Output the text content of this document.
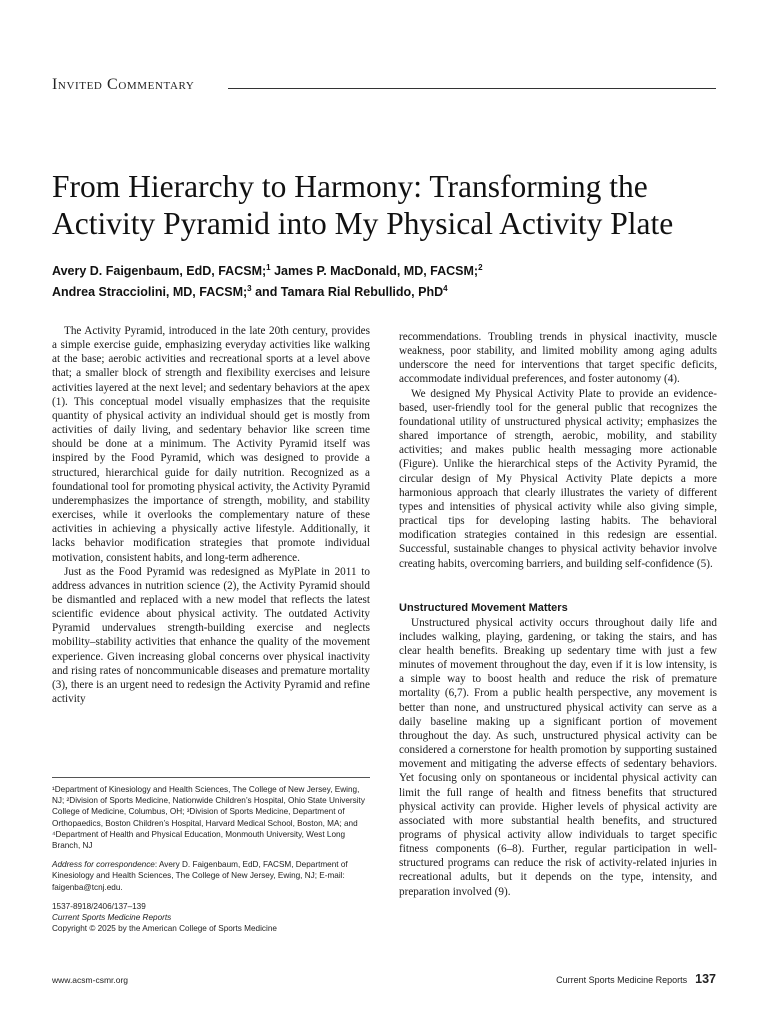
Invited Commentary
From Hierarchy to Harmony: Transforming the Activity Pyramid into My Physical Activity Plate
Avery D. Faigenbaum, EdD, FACSM;$^1$ James P. MacDonald, MD, FACSM;$^2$
Andrea Stracciolini, MD, FACSM;$^3$ and Tamara Rial Rebullido, PhD$^4$

The Activity Pyramid, introduced in the late 20th century, provides a simple exercise guide, emphasizing everyday activities like walking at the base; aerobic activities and recreational sports at a level above that; a smaller block of strength and flexibility exercises and leisure activities layered at the next level; and sedentary behaviors at the apex (1). This conceptual model visually emphasizes that the requisite quantity of physical activity an individual should get is mostly from activities of daily living, and sedentary behavior like screen time should be done at a minimum. The Activity Pyramid itself was inspired by the Food Pyramid, which was designed to provide a structured, hierarchical guide for daily nutrition. Recognized as a foundational tool for promoting physical activity, the Activity Pyramid underemphasizes the importance of strength, mobility, and stability exercises, while it overlooks the complementary nature of these activities in achieving a physically active lifestyle. Additionally, it lacks behavior modification strategies that promote individual motivation, consistent habits, and long-term adherence.

Just as the Food Pyramid was redesigned as MyPlate in 2011 to address advances in nutrition science (2), the Activity Pyramid should be dismantled and replaced with a new model that reflects the latest scientific evidence about physical activity. The outdated Activity Pyramid undervalues strength-building exercise and neglects mobility–stability activities that enhance the quality of the movement experience. Given increasing global concerns over physical inactivity and rising rates of noncommunicable diseases and premature mortality (3), there is an urgent need to redesign the Activity Pyramid and refine activity

¹Department of Kinesiology and Health Sciences, The College of New Jersey, Ewing, NJ; ²Division of Sports Medicine, Nationwide Children’s Hospital, Ohio State University College of Medicine, Columbus, OH; ³Division of Sports Medicine, Department of Orthopaedics, Boston Children’s Hospital, Harvard Medical School, Boston, MA; and ⁴Department of Health and Physical Education, Monmouth University, West Long Branch, NJ

Address for correspondence: Avery D. Faigenbaum, EdD, FACSM, Department of Kinesiology and Health Sciences, The College of New Jersey, Ewing, NJ; E-mail: faigenba@tcnj.edu.

1537-8918/2406/137–139

Current Sports Medicine Reports

Copyright © 2025 by the American College of Sports Medicine

recommendations. Troubling trends in physical inactivity, muscle weakness, poor stability, and limited mobility among aging adults underscore the need for interventions that target specific deficits, accommodate individual preferences, and foster autonomy (4).

We designed My Physical Activity Plate to provide an evidence-based, user-friendly tool for the general public that recognizes the foundational utility of unstructured physical activity; emphasizes the shared importance of strength, aerobic, mobility, and stability activities; and makes public health messaging more actionable (Figure). Unlike the hierarchical steps of the Activity Pyramid, the circular design of My Physical Activity Plate depicts a more harmonious approach that clearly illustrates the variety of different types and intensities of physical activity while also giving simple, practical tips for developing lasting habits. The behavioral modification strategies contained in this redesign are essential. Successful, sustainable changes to physical activity behavior involve creating habits, overcoming barriers, and building self-confidence (5).

Unstructured Movement Matters

Unstructured physical activity occurs throughout daily life and includes walking, playing, gardening, or taking the stairs, and has clear health benefits. Breaking up sedentary time with just a few minutes of movement throughout the day, even if it is low intensity, is a simple way to boost health and reduce the risk of premature mortality (6,7). From a public health perspective, any movement is better than none, and unstructured physical activity can serve as a daily baseline making up a significant portion of movement throughout the day. As such, unstructured physical activity can be considered a cornerstone for health promotion by supporting sustained movement and mitigating the adverse effects of sedentary behaviors. Yet focusing only on spontaneous or incidental physical activity can limit the full range of health and fitness benefits that structured physical activity can provide. Higher levels of physical activity are associated with more substantial health benefits, and structured programs of physical activity allow individuals to target specific fitness components (6–8). Further, regular participation in well-structured programs can reduce the risk of activity-related injuries in recreational adults, but it depends on the type, intensity, and preparation involved (9).

www.acsm-csmr.org	Current Sports Medicine Reports 137
